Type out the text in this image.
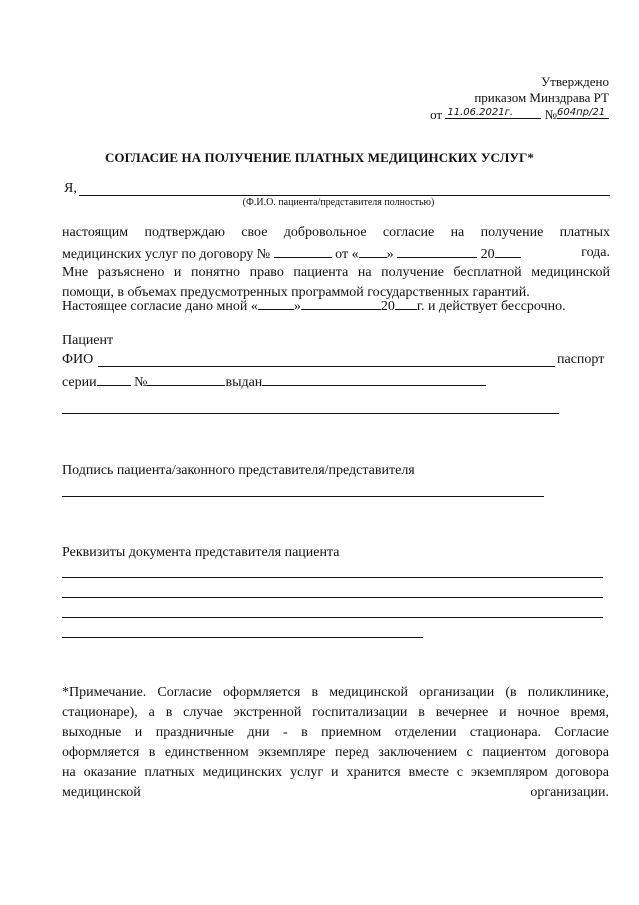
Утверждено
приказом Минздрава РТ
от 11.06.2021г. № 604пр/21
СОГЛАСИЕ НА ПОЛУЧЕНИЕ ПЛАТНЫХ МЕДИЦИНСКИХ УСЛУГ*
Я,
(Ф.И.О. пациента/представителя полностью)
настоящим подтверждаю свое добровольное согласие на получение платных
медицинских услуг по договору №	от « »	20	года.
Мне разъяснено и понятно право пациента на получение бесплатной медицинской
помощи, в объемах предусмотренных программой государственных гарантий.
Настоящее согласие дано мной «	»	20 г. и действует бессрочно.
Пациент
ФИО	паспорт
серии	№	выдан
Подпись пациента/законного представителя/представителя
Реквизиты документа представителя пациента
*Примечание. Согласие оформляется в медицинской организации (в поликлинике,
стационаре), а в случае экстренной госпитализации в вечернее и ночное время,
выходные и праздничные дни - в приемном отделении стационара. Согласие
оформляется в единственном экземпляре перед заключением с пациентом договора
на оказание платных медицинских услуг и хранится вместе с экземпляром договора
медицинской	организации.
